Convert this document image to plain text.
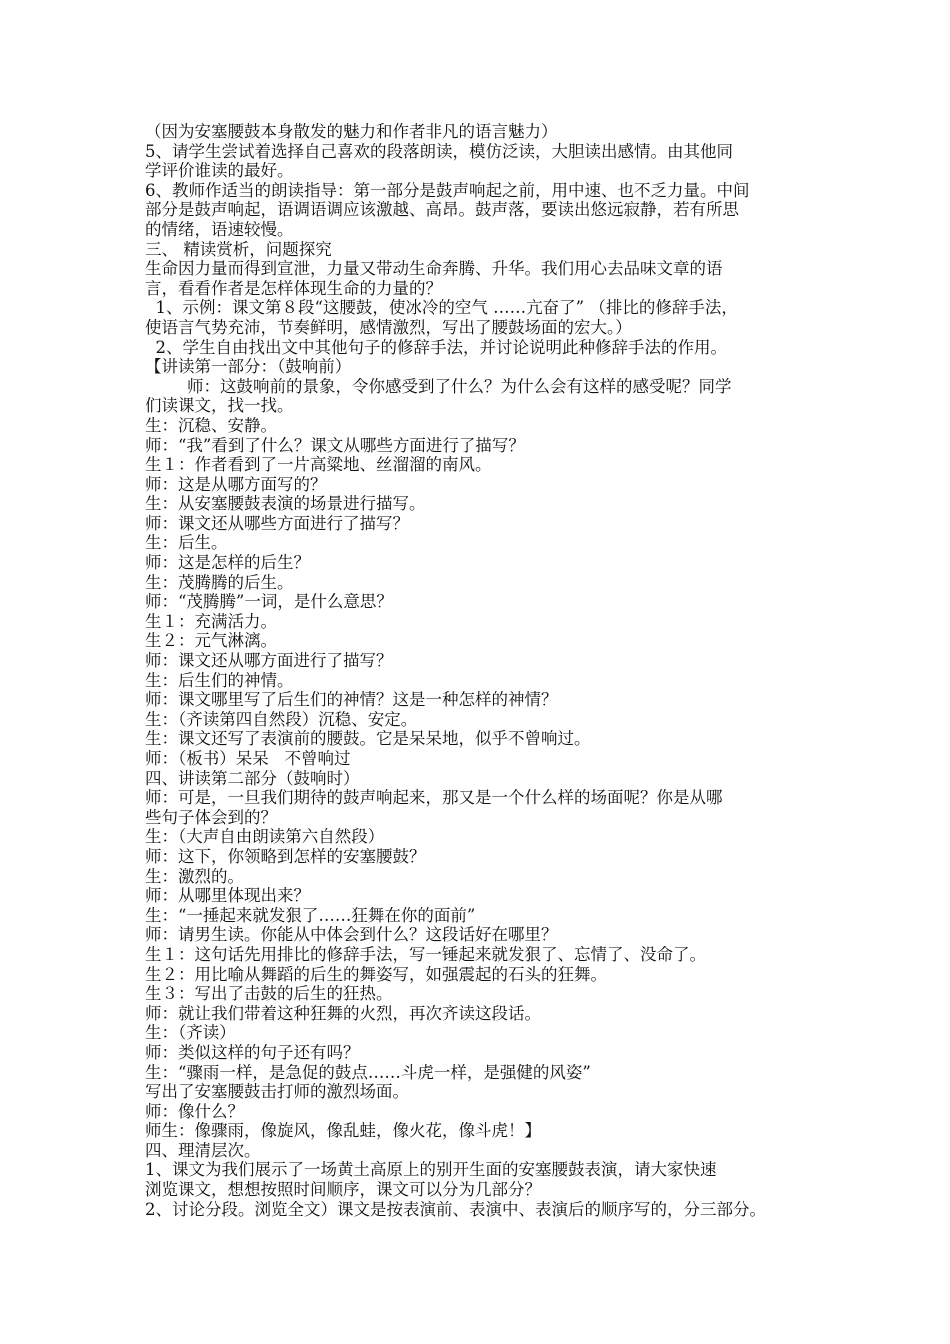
（因为安塞腰鼓本身散发的魅力和作者非凡的语言魅力）
5、请学生尝试着选择自己喜欢的段落朗读，模仿泛读，大胆读出感情。由其他同
学评价谁读的最好。
6、教师作适当的朗读指导：第一部分是鼓声响起之前，用中速、也不乏力量。中间
部分是鼓声响起，语调语调应该激越、高昂。鼓声落，要读出悠远寂静，若有所思
的情绪，语速较慢。
三、 精读赏析，问题探究
生命因力量而得到宣泄，力量又带动生命奔腾、升华。我们用心去品味文章的语
言，看看作者是怎样体现生命的力量的？
1、示例：课文第８段“这腰鼓，使冰冷的空气 ……亢奋了” （排比的修辞手法，
使语言气势充沛，节奏鲜明，感情激烈，写出了腰鼓场面的宏大。）
2、学生自由找出文中其他句子的修辞手法，并讨论说明此种修辞手法的作用。
【讲读第一部分：（鼓响前）
师：这鼓响前的景象，令你感受到了什么？为什么会有这样的感受呢？同学
们读课文，找一找。
生：沉稳、安静。
师：“我”看到了什么？课文从哪些方面进行了描写？
生１：作者看到了一片高粱地、丝溜溜的南风。
师：这是从哪方面写的？
生：从安塞腰鼓表演的场景进行描写。
师：课文还从哪些方面进行了描写？
生：后生。
师：这是怎样的后生？
生：茂腾腾的后生。
师：“茂腾腾”一词，是什么意思？
生１：充满活力。
生２：元气淋漓。
师：课文还从哪方面进行了描写？
生：后生们的神情。
师：课文哪里写了后生们的神情？这是一种怎样的神情？
生：（齐读第四自然段）沉稳、安定。
生：课文还写了表演前的腰鼓。它是呆呆地，似乎不曾响过。
师：（板书）呆呆   不曾响过
四、讲读第二部分（鼓响时）
师：可是，一旦我们期待的鼓声响起来，那又是一个什么样的场面呢？你是从哪
些句子体会到的？
生：（大声自由朗读第六自然段）
师：这下，你领略到怎样的安塞腰鼓？
生：激烈的。
师：从哪里体现出来？
生：“一捶起来就发狠了……狂舞在你的面前”
师：请男生读。你能从中体会到什么？这段话好在哪里？
生１：这句话先用排比的修辞手法，写一锤起来就发狠了、忘情了、没命了。
生２：用比喻从舞蹈的后生的舞姿写，如强震起的石头的狂舞。
生３：写出了击鼓的后生的狂热。
师：就让我们带着这种狂舞的火烈，再次齐读这段话。
生：（齐读）
师：类似这样的句子还有吗？
生：“骤雨一样，是急促的鼓点……斗虎一样，是强健的风姿”
写出了安塞腰鼓击打师的激烈场面。
师：像什么？
师生：像骤雨，像旋风，像乱蛙，像火花，像斗虎！】
四、理清层次。
1、课文为我们展示了一场黄土高原上的别开生面的安塞腰鼓表演，请大家快速
浏览课文，想想按照时间顺序，课文可以分为几部分？
2、讨论分段。浏览全文）课文是按表演前、表演中、表演后的顺序写的，分三部分。
